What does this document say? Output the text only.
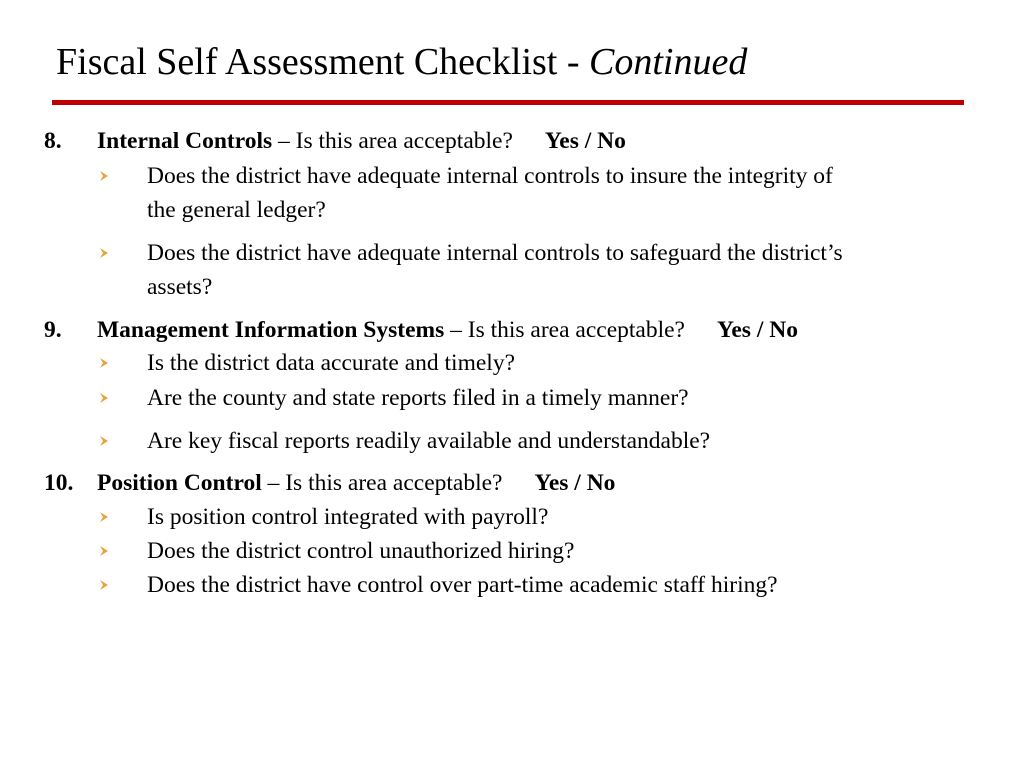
Fiscal Self Assessment Checklist - Continued
8. Internal Controls – Is this area acceptable? Yes / No
Does the district have adequate internal controls to insure the integrity of
the general ledger?
Does the district have adequate internal controls to safeguard the district’s
assets?
9. Management Information Systems – Is this area acceptable? Yes / No
Is the district data accurate and timely?
Are the county and state reports filed in a timely manner?
Are key fiscal reports readily available and understandable?
10. Position Control – Is this area acceptable? Yes / No
Is position control integrated with payroll?
Does the district control unauthorized hiring?
Does the district have control over part-time academic staff hiring?
